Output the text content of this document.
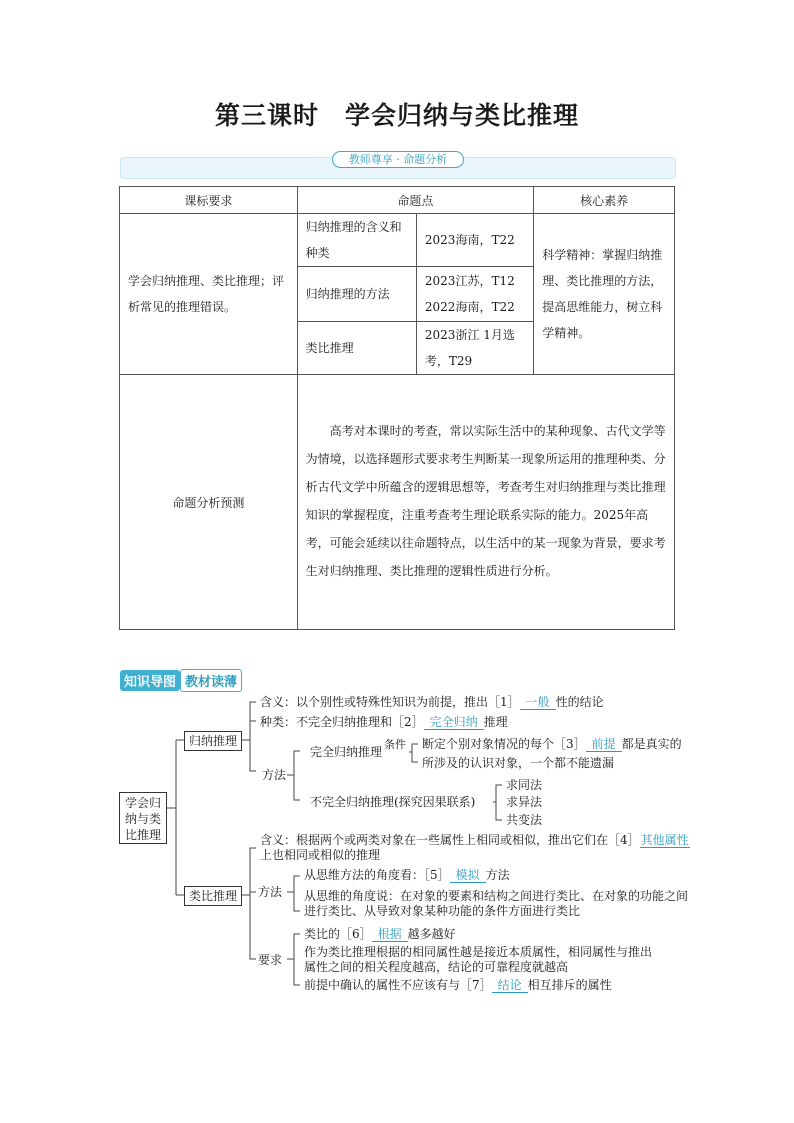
第三课时　学会归纳与类比推理
教师尊享 · 命题分析
课标要求	命题点		核心素养
学会归纳推理、类比推理；评析常见的推理错误。	归纳推理的含义和种类	2023海南，T22	科学精神：掌握归纳推理、类比推理的方法，提高思维能力，树立科学精神。
	归纳推理的方法	2023江苏，T12
2022海南，T22	
	类比推理	2023浙江 1月选考，T29	
命题分析预测	高考对本课时的考查，常以实际生活中的某种现象、古代文学等为情境，以选择题形式要求考生判断某一现象所运用的推理种类、分析古代文学中所蕴含的逻辑思想等，考查考生对归纳推理与类比推理知识的掌握程度，注重考查考生理论联系实际的能力。2025年高考，可能会延续以往命题特点，以生活中的某一现象为背景，要求考生对归纳推理、类比推理的逻辑性质进行分析。		
知识导图 教材读薄
学会归纳与类比推理
归纳推理
含义：以个别性或特殊性知识为前提，推出［1］ 一般 性的结论
种类：不完全归纳推理和［2］ 完全归纳 推理
方法
完全归纳推理
条件 断定个别对象情况的每个［3］ 前提 都是真实的
所涉及的认识对象，一个都不能遗漏
不完全归纳推理(探究因果联系)
求同法
求异法
共变法
类比推理
含义：根据两个或两类对象在一些属性上相同或相似，推出它们在［4］其他属性
上也相同或相似的推理
方法
从思维方法的角度看：［5］ 模拟 方法
从思维的角度说：在对象的要素和结构之间进行类比、在对象的功能之间
进行类比、从导致对象某种功能的条件方面进行类比
要求
类比的［6］ 根据 越多越好
作为类比推理根据的相同属性越是接近本质属性，相同属性与推出
属性之间的相关程度越高，结论的可靠程度就越高
前提中确认的属性不应该有与［7］ 结论 相互排斥的属性
